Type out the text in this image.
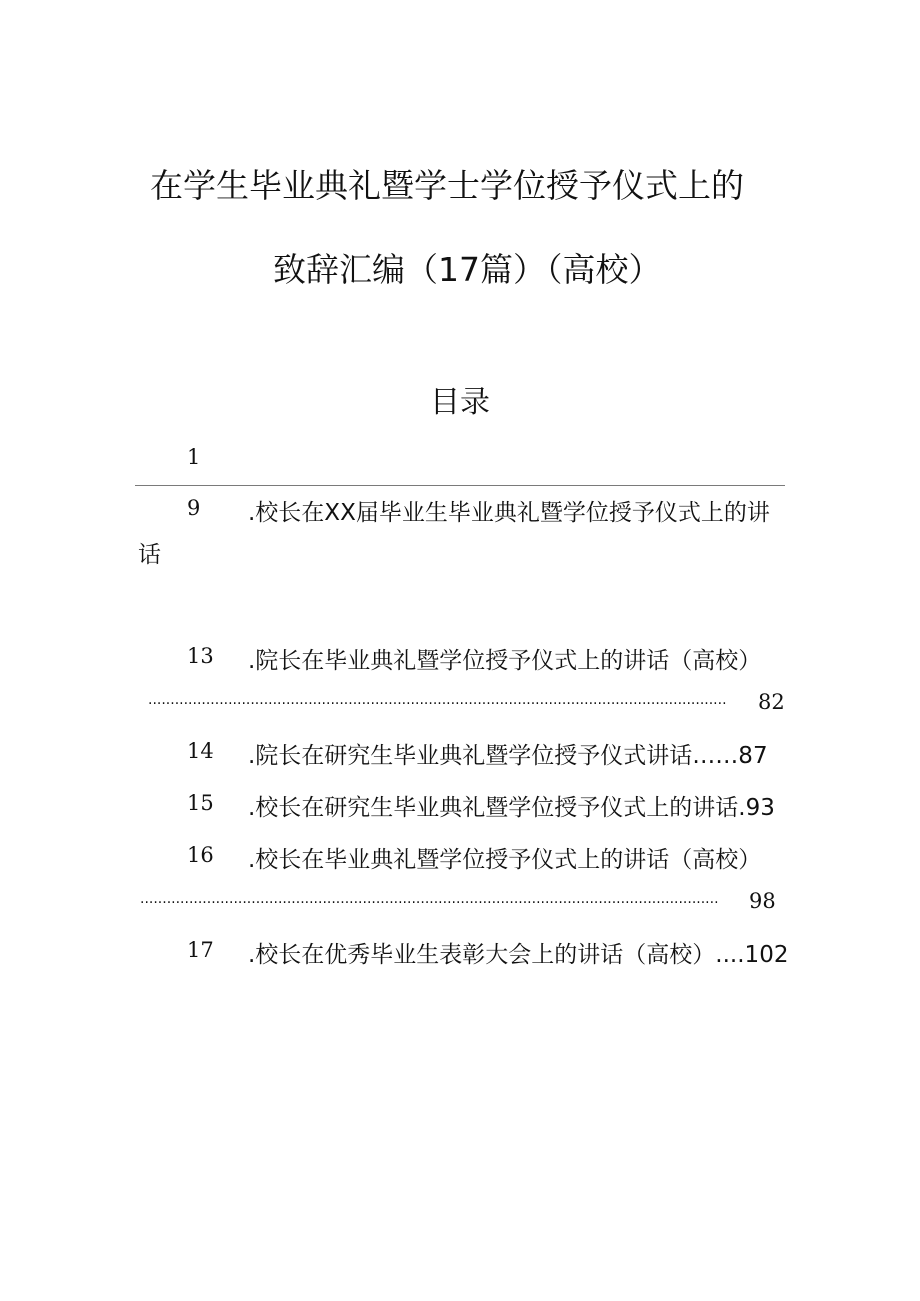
在学生毕业典礼暨学士学位授予仪式上的
致辞汇编（17篇）（高校）
目录
1
9 .校长在XX届毕业生毕业典礼暨学位授予仪式上的讲
话
13 .院长在毕业典礼暨学位授予仪式上的讲话（高校）
..................................................................................................................................	82
14 .院长在研究生毕业典礼暨学位授予仪式讲话……87
15 .校长在研究生毕业典礼暨学位授予仪式上的讲话.93
16 .校长在毕业典礼暨学位授予仪式上的讲话（高校）
..................................................................................................................................	98
17 .校长在优秀毕业生表彰大会上的讲话（高校）....102
